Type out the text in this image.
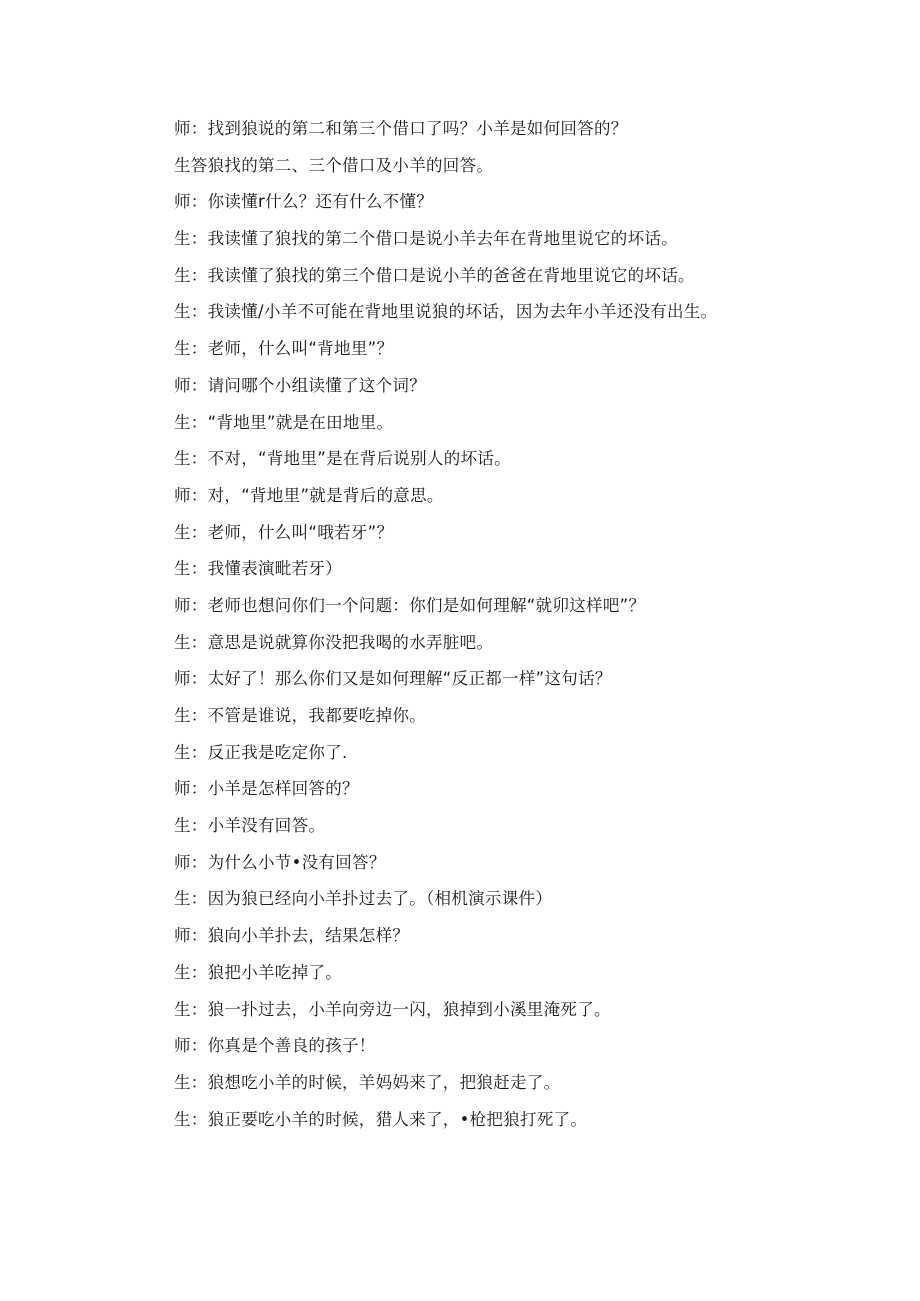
师：找到狼说的第二和第三个借口了吗？小羊是如何回答的？
生答狼找的第二、三个借口及小羊的回答。
师：你读懂r什么？还有什么不懂？
生：我读懂了狼找的第二个借口是说小羊去年在背地里说它的坏话。
生：我读懂了狼找的第三个借口是说小羊的爸爸在背地里说它的坏话。
生：我读懂/小羊不可能在背地里说狼的坏话，因为去年小羊还没有出生。
生：老师，什么叫“背地里”？
师：请问哪个小组读懂了这个词？
生：“背地里”就是在田地里。
生：不对，“背地里”是在背后说别人的坏话。
师：对，“背地里”就是背后的意思。
生：老师，什么叫“哦若牙”？
生：我懂表演毗若牙）
师：老师也想问你们一个问题：你们是如何理解“就卯这样吧”？
生：意思是说就算你没把我喝的水弄脏吧。
师：太好了！那么你们又是如何理解“反正都一样”这句话？
生：不管是谁说，我都要吃掉你。
生：反正我是吃定你了.
师：小羊是怎样回答的？
生：小羊没有回答。
师：为什么小节•没有回答？
生：因为狼已经向小羊扑过去了。（相机演示课件）
师：狼向小羊扑去，结果怎样？
生：狼把小羊吃掉了。
生：狼一扑过去，小羊向旁边一闪，狼掉到小溪里淹死了。
师：你真是个善良的孩子！
生：狼想吃小羊的时候，羊妈妈来了，把狼赶走了。
生：狼正要吃小羊的时候，猎人来了，•枪把狼打死了。
